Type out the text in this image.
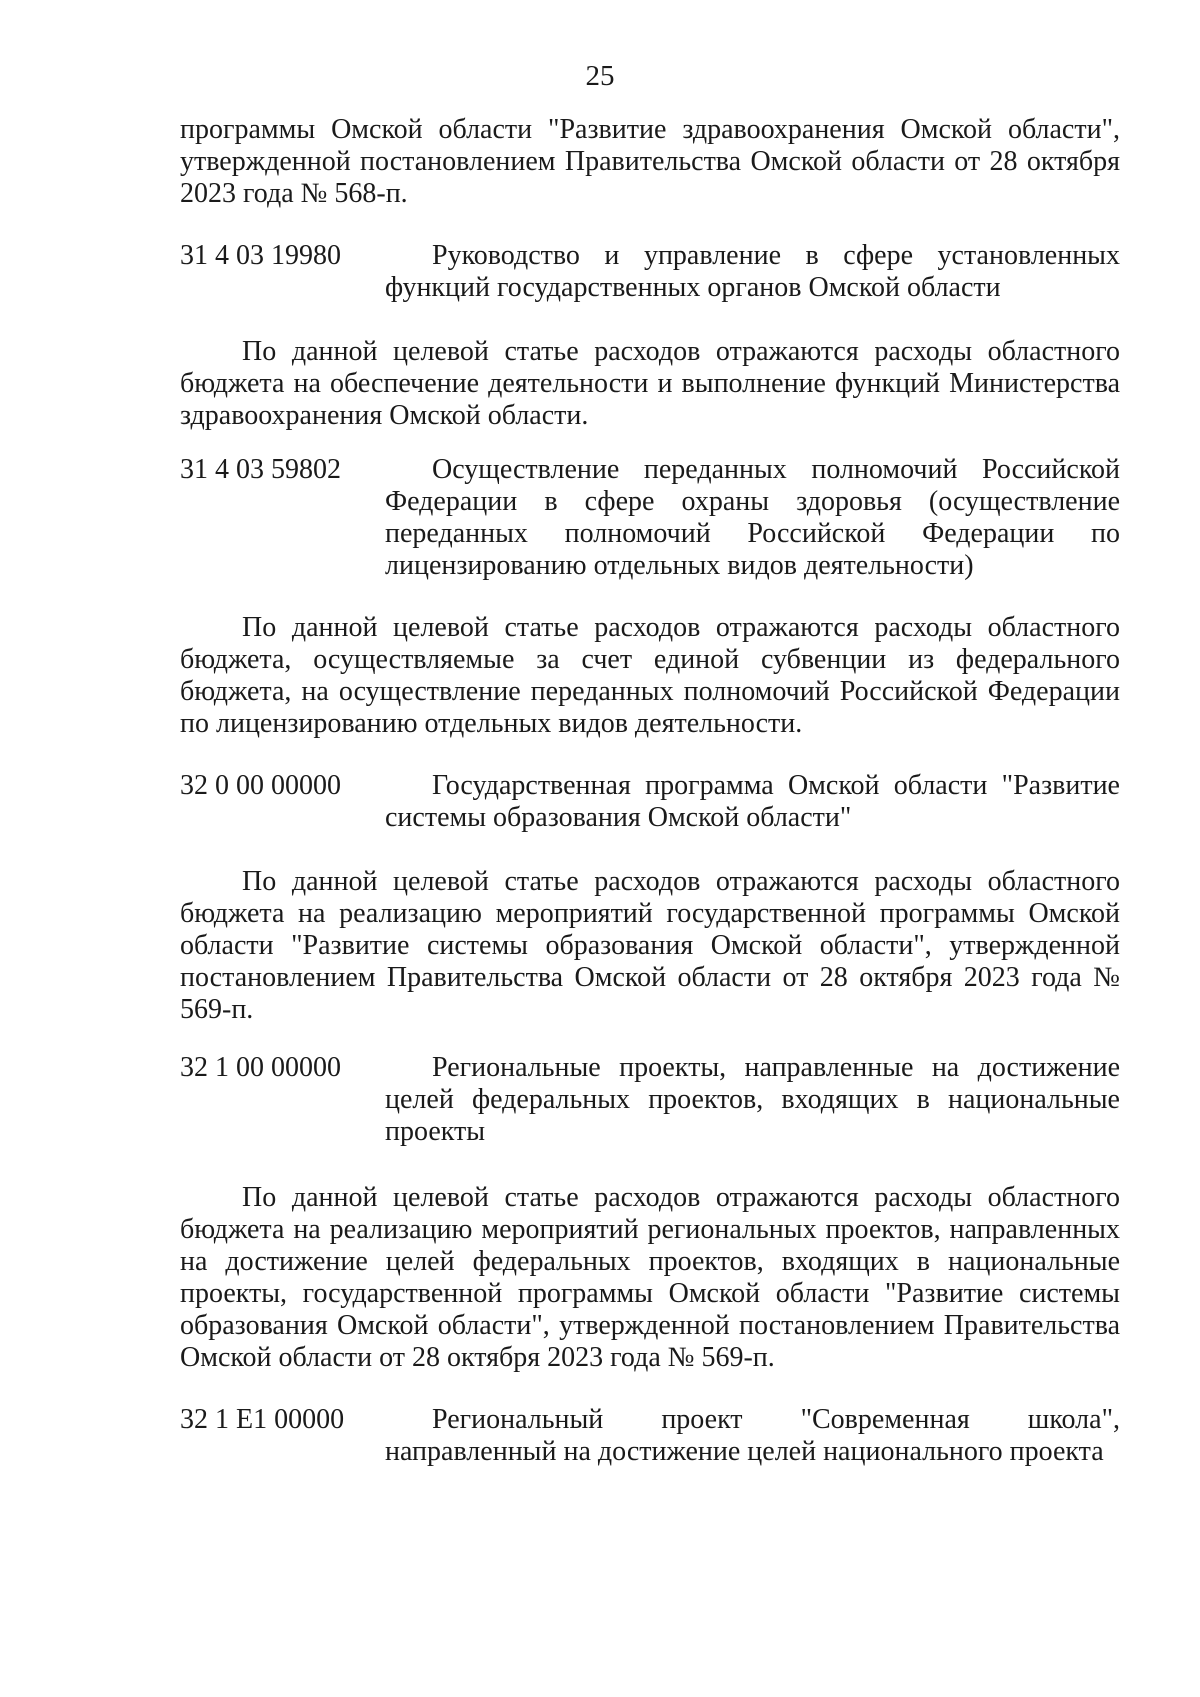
25

программы Омской области "Развитие здравоохранения Омской области", утвержденной постановлением Правительства Омской области от 28 октября 2023 года № 568-п.

31 4 03 19980	Руководство и управление в сфере установленных функций государственных органов Омской области

По данной целевой статье расходов отражаются расходы областного бюджета на обеспечение деятельности и выполнение функций Министерства здравоохранения Омской области.

31 4 03 59802	Осуществление переданных полномочий Российской Федерации в сфере охраны здоровья (осуществление переданных полномочий Российской Федерации по лицензированию отдельных видов деятельности)

По данной целевой статье расходов отражаются расходы областного бюджета, осуществляемые за счет единой субвенции из федерального бюджета, на осуществление переданных полномочий Российской Федерации по лицензированию отдельных видов деятельности.

32 0 00 00000	Государственная программа Омской области "Развитие системы образования Омской области"

По данной целевой статье расходов отражаются расходы областного бюджета на реализацию мероприятий государственной программы Омской области "Развитие системы образования Омской области", утвержденной постановлением Правительства Омской области от 28 октября 2023 года № 569-п.

32 1 00 00000	Региональные проекты, направленные на достижение целей федеральных проектов, входящих в национальные проекты

По данной целевой статье расходов отражаются расходы областного бюджета на реализацию мероприятий региональных проектов, направленных на достижение целей федеральных проектов, входящих в национальные проекты, государственной программы Омской области "Развитие системы образования Омской области", утвержденной постановлением Правительства Омской области от 28 октября 2023 года № 569-п.

32 1 E1 00000	Региональный проект "Современная школа", направленный на достижение целей национального проекта
